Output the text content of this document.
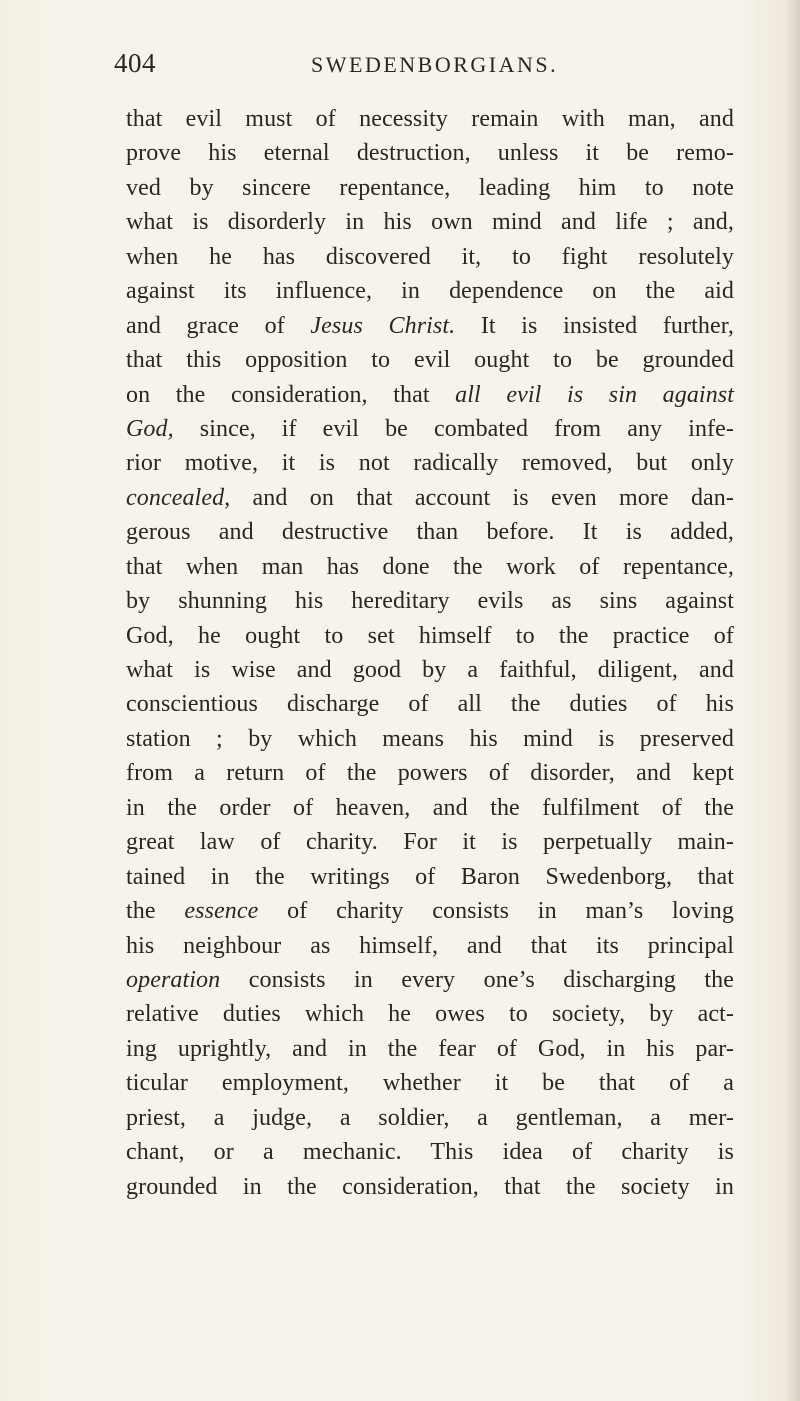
404	SWEDENBORGIANS.
that evil must of necessity remain with man, and
prove his eternal destruction, unless it be remo-
ved by sincere repentance, leading him to note
what is disorderly in his own mind and life ; and,
when he has discovered it, to fight resolutely
against its influence, in dependence on the aid
and grace of Jesus Christ. It is insisted further,
that this opposition to evil ought to be grounded
on the consideration, that all evil is sin against
God, since, if evil be combated from any infe-
rior motive, it is not radically removed, but only
concealed, and on that account is even more dan-
gerous and destructive than before. It is added,
that when man has done the work of repentance,
by shunning his hereditary evils as sins against
God, he ought to set himself to the practice of
what is wise and good by a faithful, diligent, and
conscientious discharge of all the duties of his
station ; by which means his mind is preserved
from a return of the powers of disorder, and kept
in the order of heaven, and the fulfilment of the
great law of charity. For it is perpetually main-
tained in the writings of Baron Swedenborg, that
the essence of charity consists in man’s loving
his neighbour as himself, and that its principal
operation consists in every one’s discharging the
relative duties which he owes to society, by act-
ing uprightly, and in the fear of God, in his par-
ticular employment, whether it be that of a
priest, a judge, a soldier, a gentleman, a mer-
chant, or a mechanic. This idea of charity is
grounded in the consideration, that the society in
